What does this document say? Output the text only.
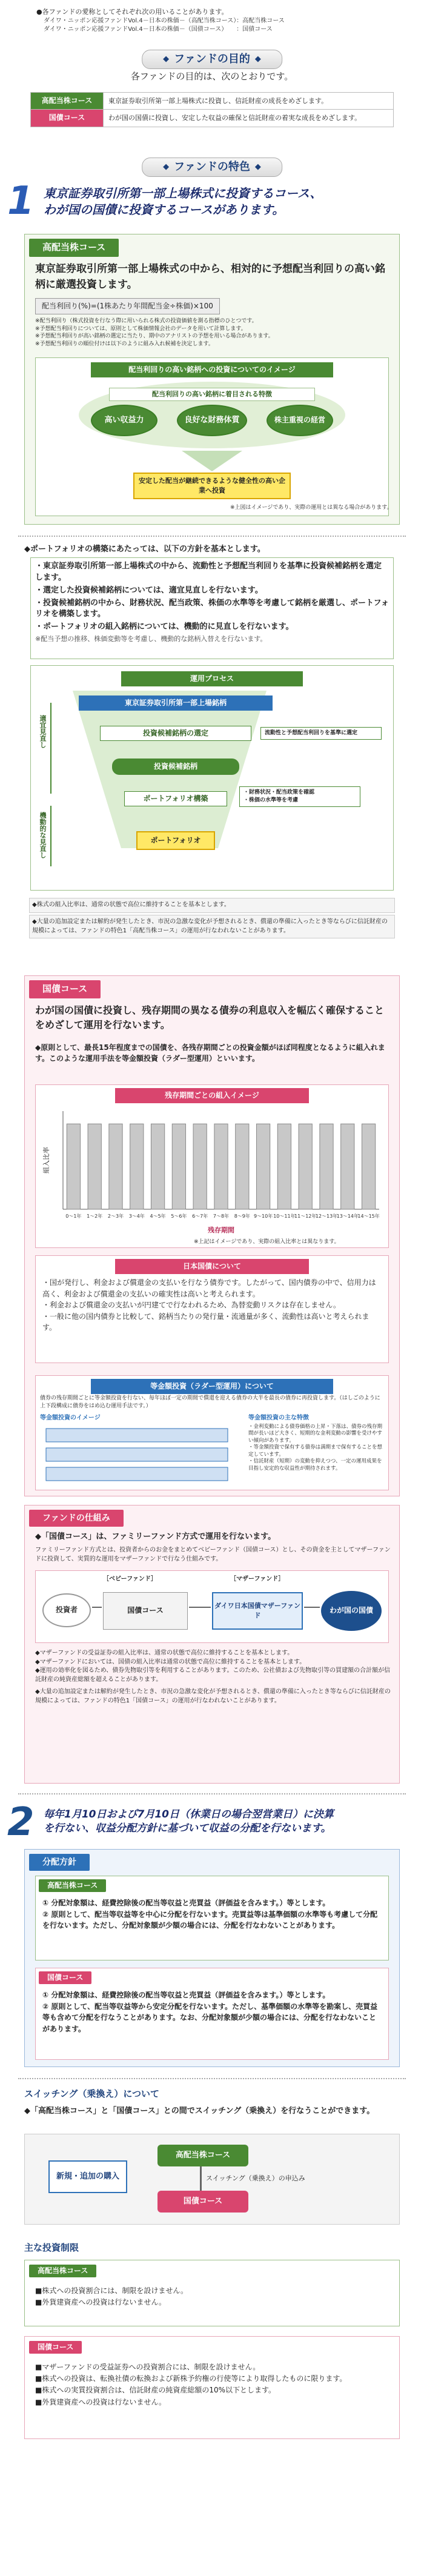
●各ファンドの愛称としてそれぞれ次の用いることがあります。
ダイワ・ニッポン応援ファンドVol.4－日本の株価－（高配当株コース）：高配当株コース
ダイワ・ニッポン応援ファンドVol.4－日本の株価－（国債コース）　　：国債コース
◆ ファンドの目的 ◆
各ファンドの目的は、次のとおりです。
高配当株コース	東京証券取引所第一部上場株式に投資し、信託財産の成長をめざします。
国債コース	わが国の国債に投資し、安定した収益の確保と信託財産の着実な成長をめざします。
◆ ファンドの特色 ◆
1 東京証券取引所第一部上場株式に投資するコース、
わが国の国債に投資するコースがあります。
高配当株コース
東京証券取引所第一部上場株式の中から、相対的に予想配当利回りの高い銘柄に厳選投資します。
配当利回り(%)=(1株あたり年間配当金÷株価)×100
※配当利回り（株式投資を行なう際に用いられる株式の投資価値を測る指標のひとつです。
※予想配当利回りについては、原則として株価情報会社のデータを用いて計算します。
※予想配当利回りが高い銘柄の選定に当たり、期中のアナリストの予想を用いる場合があります。
※予想配当利回りの順位付けは以下のように組み入れ候補を決定します。
配当利回りの高い銘柄への投資についてのイメージ
配当利回りの高い銘柄に着目される特徴
高い収益力	良好な財務体質	株主重視の経営
安定した配当が継続できるような健全性の高い企業へ投資
※上図はイメージであり、実際の運用とは異なる場合があります。
◆ポートフォリオの構築にあたっては、以下の方針を基本とします。

・東京証券取引所第一部上場株式の中から、流動性と予想配当利回りを基準に投資候補銘柄を選定します。

・選定した投資候補銘柄については、適宜見直しを行ないます。

・投資候補銘柄の中から、財務状況、配当政策、株価の水準等を考慮して銘柄を厳選し、ポートフォリオを構築します。

・ポートフォリオの組入銘柄については、機動的に見直しを行ないます。

※配当予想の推移、株価変動等を考慮し、機動的な銘柄入替えを行ないます。
運用プロセス
東京証券取引所第一部上場銘柄
投資候補銘柄の選定
投資候補銘柄
ポートフォリオ構築
ポートフォリオ
適宜見直し
機動的な見直し
流動性と予想配当利回りを基準に選定
・財務状況・配当政策を確認
・株価の水準等を考慮
◆株式の組入比率は、通常の状態で高位に維持することを基本とします。
◆大量の追加設定または解約が発生したとき、市況の急激な変化が予想されるとき、償還の準備に入ったとき等ならびに信託財産の規模によっては、ファンドの特色1「高配当株コース」の運用が行なわれないことがあります。
国債コース
わが国の国債に投資し、残存期間の異なる債券の利息収入を幅広く確保することをめざして運用を行ないます。
◆原則として、最長15年程度までの国債を、各残存期間ごとの投資金額がほぼ同程度となるように組入れます。このような運用手法を等金額投資（ラダー型運用）といいます。
残存期間ごとの組入イメージ
0〜1年 1〜2年 2〜3年 3〜4年 4〜5年 5〜6年 6〜7年 7〜8年 8〜9年 9〜10年 10〜11年
11〜12年
12〜13年
13〜14年
14〜15年
組入比率
残存期間
※上記はイメージであり、実際の組入比率とは異なります。
日本国債について
・国が発行し、利金および償還金の支払いを行なう債券です。したがって、国内債券の中で、信用力は高く、利金および償還金の支払いの確実性は高いと考えられます。
・利金および償還金の支払いが円建てで行なわれるため、為替変動リスクは存在しません。
・一般に他の国内債券と比較して、銘柄当たりの発行量・流通量が多く、流動性は高いと考えられます。
等金額投資（ラダー型運用）について
債券の残存期間ごとに等金額投資を行ない、毎年ほぼ一定の期間で償還を迎える債券の大半を最長の債券に再投資します。（はしごのように上下段構成に債券をはめ込む運用手法です。）
等金額投資のイメージ	等金額投資の主な特徴
・金利変動による債券価格の上昇・下落は、債券の残存期間が長いほど大きく、短期的な金利変動の影響を受けやすい傾向があります。
・等金額投資で保有する債券は満期まで保有することを想定しています。
・信託財産（短期）の変動を抑えつつ、一定の運用成果を目指し安定的な収益性が期待されます。
ファンドの仕組み
◆「国債コース」は、ファミリーファンド方式で運用を行ないます。
ファミリーファンド方式とは、投資者からのお金をまとめてベビーファンド（国債コース）とし、その資金を主としてマザーファンドに投資して、実質的な運用をマザーファンドで行なう仕組みです。
［ベビーファンド］	［マザーファンド］
投資者	国債コース
ダイワ日本国債マザーファンド
わが国の国債
◆マザーファンドの受益証券の組入比率は、通常の状態で高位に維持することを基本とします。
◆マザーファンドにおいては、国債の組入比率は通常の状態で高位に維持することを基本とします。
◆運用の効率化を図るため、債券先物取引等を利用することがあります。このため、公社債および先物取引等の買建額の合計額が信託財産の純資産総額を超えることがあります。
◆大量の追加設定または解約が発生したとき、市況の急激な変化が予想されるとき、償還の準備に入ったとき等ならびに信託財産の規模によっては、ファンドの特色1「国債コース」の運用が行なわれないことがあります。
2 毎年1月10日および7月10日（休業日の場合翌営業日）に決算
を行ない、収益分配方針に基づいて収益の分配を行ないます。
分配方針
高配当株コース
① 分配対象額は、経費控除後の配当等収益と売買益（評価益を含みます。）等とします。
② 原則として、配当等収益等を中心に分配を行ないます。売買益等は基準価額の水準等も考慮して分配を行ないます。ただし、分配対象額が少額の場合には、分配を行なわないことがあります。
国債コース
① 分配対象額は、経費控除後の配当等収益と売買益（評価益を含みます。）等とします。
② 原則として、配当等収益等から安定分配を行ないます。ただし、基準価額の水準等を勘案し、売買益等も含めて分配を行なうことがあります。なお、分配対象額が少額の場合には、分配を行なわないことがあります。
スイッチング（乗換え）について
◆「高配当株コース」と「国債コース」との間でスイッチング（乗換え）を行なうことができます。
新規・追加の購入
高配当株コース
国債コース
スイッチング（乗換え）の申込み
主な投資制限
高配当株コース
■株式への投資割合には、制限を設けません。
■外貨建資産への投資は行ないません。
国債コース
■マザーファンドの受益証券への投資割合には、制限を設けません。
■株式への投資は、転換社債の転換および新株予約権の行使等により取得したものに限ります。
■株式への実質投資割合は、信託財産の純資産総額の10%以下とします。
■外貨建資産への投資は行ないません。
